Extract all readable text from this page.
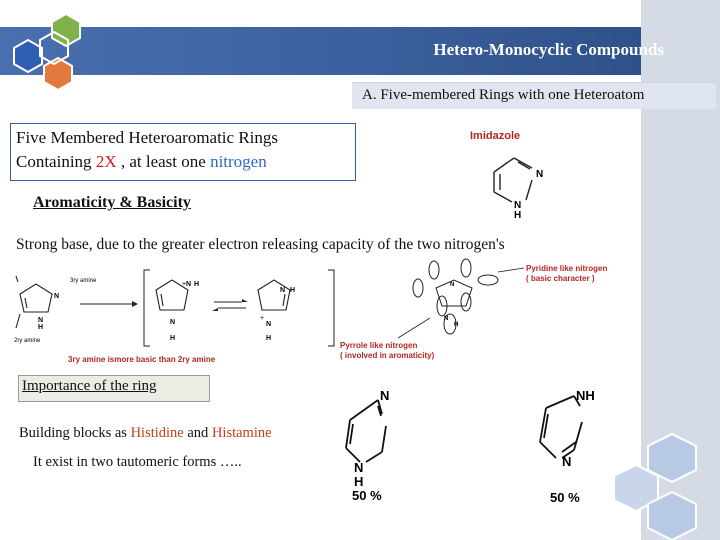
Hetero-Monocyclic Compounds
A. Five-membered Rings with one Heteroatom
Five Membered Heteroaromatic Rings
Containing 2X , at least one nitrogen
Imidazole
N
N
H
Aromaticity & Basicity
Strong base, due to the greater electron releasing capacity of the two nitrogen's
N
H
N
3ry amine
2ry amine
+ N H
N
H
N H
+
N
H
3ry amine ismore basic than 2ry amine
N
N
H
Pyridine like nitrogen
( basic character )
Pyrrole like nitrogen
( involved in aromaticity)
Importance of the ring
Building blocks as Histidine and Histamine
It exist in two tautomeric forms …..
N
N
H
50 %
NH
N
50 %
